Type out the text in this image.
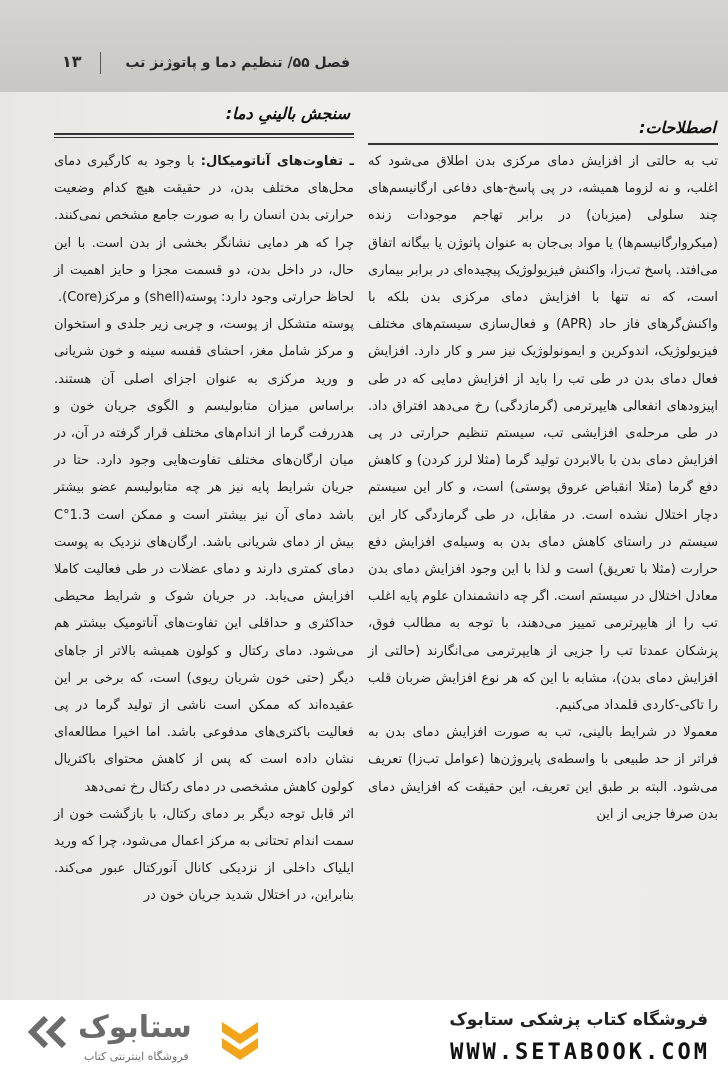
۱۳	فصل ۵۵/ تنظیم دما و پاتوژنز تب
اصطلاحات:
سنجش بالینیِ دما:

تب به حالتی از افزایش دمای مرکزی بدن اطلاق می‌شود که اغلب، و نه لزوما همیشه، در پی پاسخ-های دفاعی ارگانیسم‌های چند سلولی (میزبان) در برابر تهاجم موجودات زنده (میکروارگانیسم‌ها) یا مواد بی‌جان به عنوان پاتوژن یا بیگانه اتفاق می‌افتد. پاسخ تب‌زا، واکنش فیزیولوژیک پیچیده‌ای در برابر بیماری است، که نه تنها با افزایش دمای مرکزی بدن بلکه با واکنش‌گرهای فاز حاد (APR) و فعال‌سازی سیستم‌های مختلف فیزیولوژیک، اندوکرین و ایمونولوژیک نیز سر و کار دارد. افزایش فعال دمای بدن در طی تب را باید از افزایش دمایی که در طی اپیزودهای انفعالی هایپرترمی (گرمازدگی) رخ می‌دهد افتراق داد. در طی مرحله‌ی افزایشی تب، سیستم تنظیم حرارتی در پی افزایش دمای بدن با بالابردن تولید گرما (مثلا لرز کردن) و کاهش دفع گرما (مثلا انقباض عروق پوستی) است، و کار این سیستم دچار اختلال نشده است. در مقابل، در طی گرمازدگی کار این سیستم در راستای کاهش دمای بدن به وسیله‌ی افزایش دفع حرارت (مثلا با تعریق) است و لذا با این وجود افزایش دمای بدن معادل اختلال در سیستم است. اگر چه دانشمندان علوم پایه اغلب تب را از هایپرترمی تمییز می‌دهند، با توجه به مطالب فوق، پزشکان عمدتا تب را جزیی از هایپرترمی می‌انگارند (حالتی از افزایش دمای بدن)، مشابه با این که هر نوع افزایش ضربان قلب را تاکی-کاردی قلمداد می‌کنیم.

معمولا در شرایط بالینی، تب به صورت افزایش دمای بدن به فراتر از حد طبیعی با واسطه‌ی پایروژن‌ها (عوامل تب‌زا) تعریف می‌شود. البته بر طبق این تعریف، این حقیقت که افزایش دمای بدن صرفا جزیی از این

ـ تفاوت‌های آناتومیکال: با وجود به کارگیری دمای محل‌های مختلف بدن، در حقیقت هیچ کدام وضعیت حرارتی بدن انسان را به صورت جامع مشخص نمی‌کنند. چرا که هر دمایی نشانگر بخشی از بدن است. با این حال، در داخل بدن، دو قسمت مجزا و حایز اهمیت از لحاظ حرارتی وجود دارد: پوسته(shell) و مرکز(Core).

پوسته متشکل از پوست، و چربی زیر جلدی و استخوان و مرکز شامل مغز، احشای قفسه سینه و خون شریانی و ورید مرکزی به عنوان اجزای اصلی آن هستند. براساس میزان متابولیسم و الگوی جریان خون و هدررفت گرما از اندام‌های مختلف قرار گرفته در آن، در میان ارگان‌های مختلف تفاوت‌هایی وجود دارد. حتا در جریان شرایط پایه نیز هر چه متابولیسم عضو بیشتر باشد دمای آن نیز بیشتر است و ممکن است 1.3°C بیش از دمای شریانی باشد. ارگان‌های نزدیک به پوست دمای کمتری دارند و دمای عضلات در طی فعالیت کاملا افزایش می‌یابد. در جریان شوک و شرایط محیطی حداکثری و حداقلی این تفاوت‌های آناتومیک بیشتر هم می‌شود. دمای رکتال و کولون همیشه بالاتر از جاهای دیگر (حتی خون شریان ریوی) است، که برخی بر این عقیده‌اند که ممکن است ناشی از تولید گرما در پی فعالیت باکتری‌های مدفوعی باشد. اما اخیرا مطالعه‌ای نشان داده است که پس از کاهش محتوای باکتریال کولون کاهش مشخصی در دمای رکتال رخ نمی‌دهد

اثر قابل توجه دیگر بر دمای رکتال، با بازگشت خون از سمت اندام تحتانی به مرکز اعمال می‌شود، چرا که ورید ایلیاک داخلی از نزدیکی کانال آنورکتال عبور می‌کند. بنابراین، در اختلال شدید جریان خون در

ستابوک
فروشگاه اینترنتی کتاب
فروشگاه کتاب پزشکی ستابوک
WWW.SETABOOK.COM
